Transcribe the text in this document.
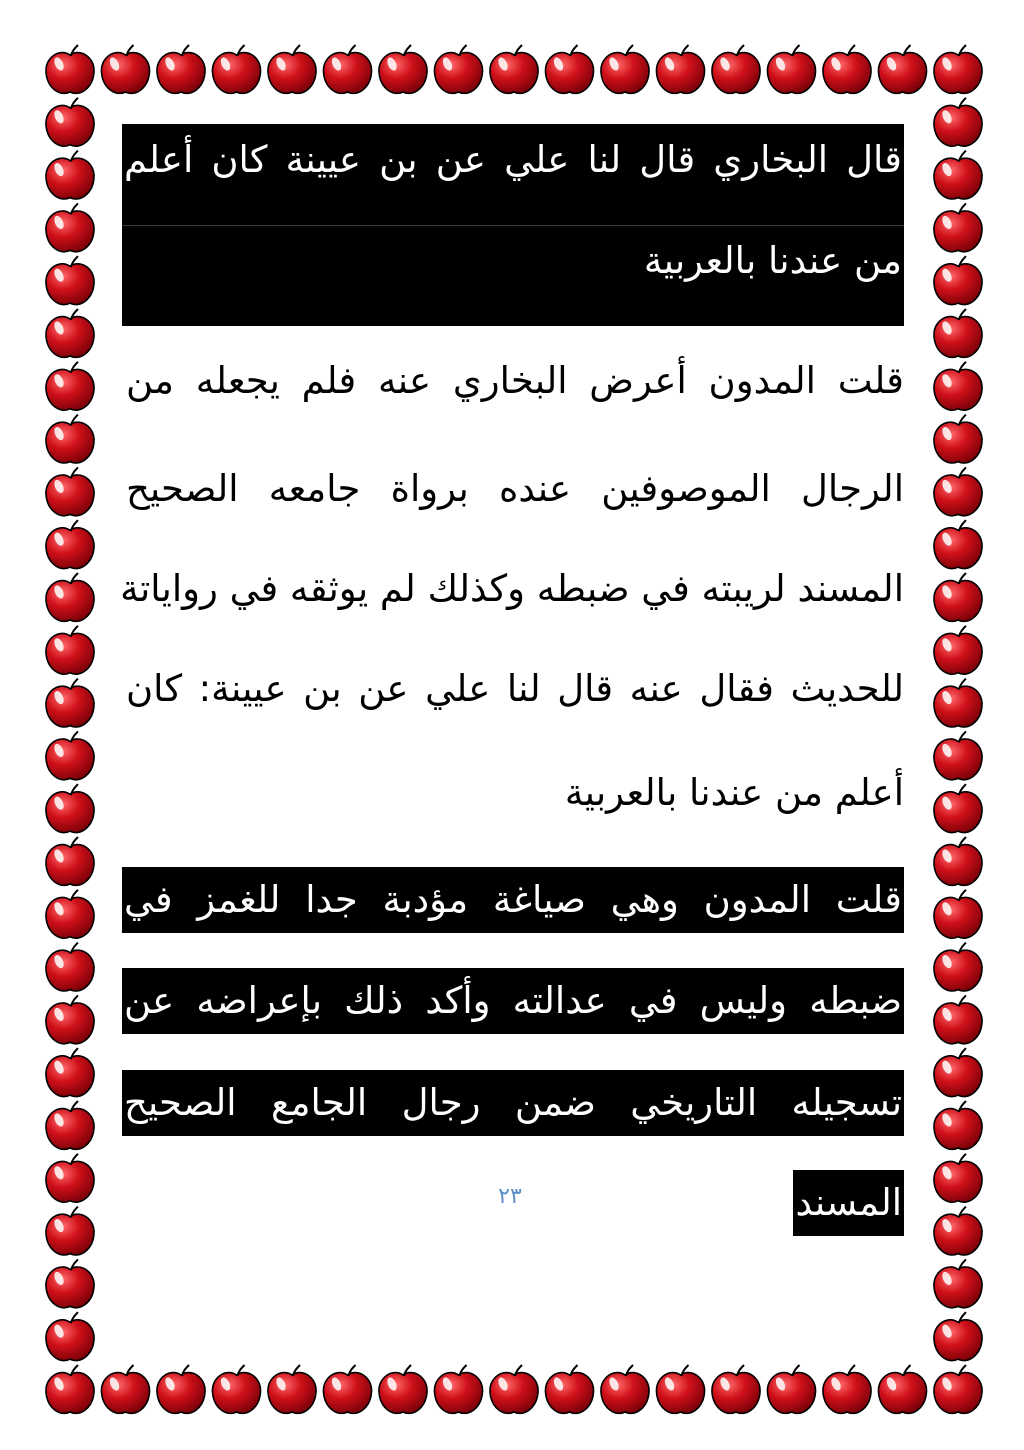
قال البخاري قال لنا علي عن بن عيينة كان أعلم
من عندنا بالعربية
قلت المدون أعرض البخاري عنه فلم يجعله من
الرجال الموصوفين عنده برواة جامعه الصحيح
المسند لريبته في ضبطه وكذلك لم يوثقه في رواياتة
للحديث فقال عنه قال لنا علي عن بن عيينة: كان
أعلم من عندنا بالعربية
قلت المدون وهي صياغة مؤدبة جدا للغمز في
ضبطه وليس في عدالته وأكد ذلك بإعراضه عن
تسجيله التاريخي ضمن رجال الجامع الصحيح
المسند
٢٣
